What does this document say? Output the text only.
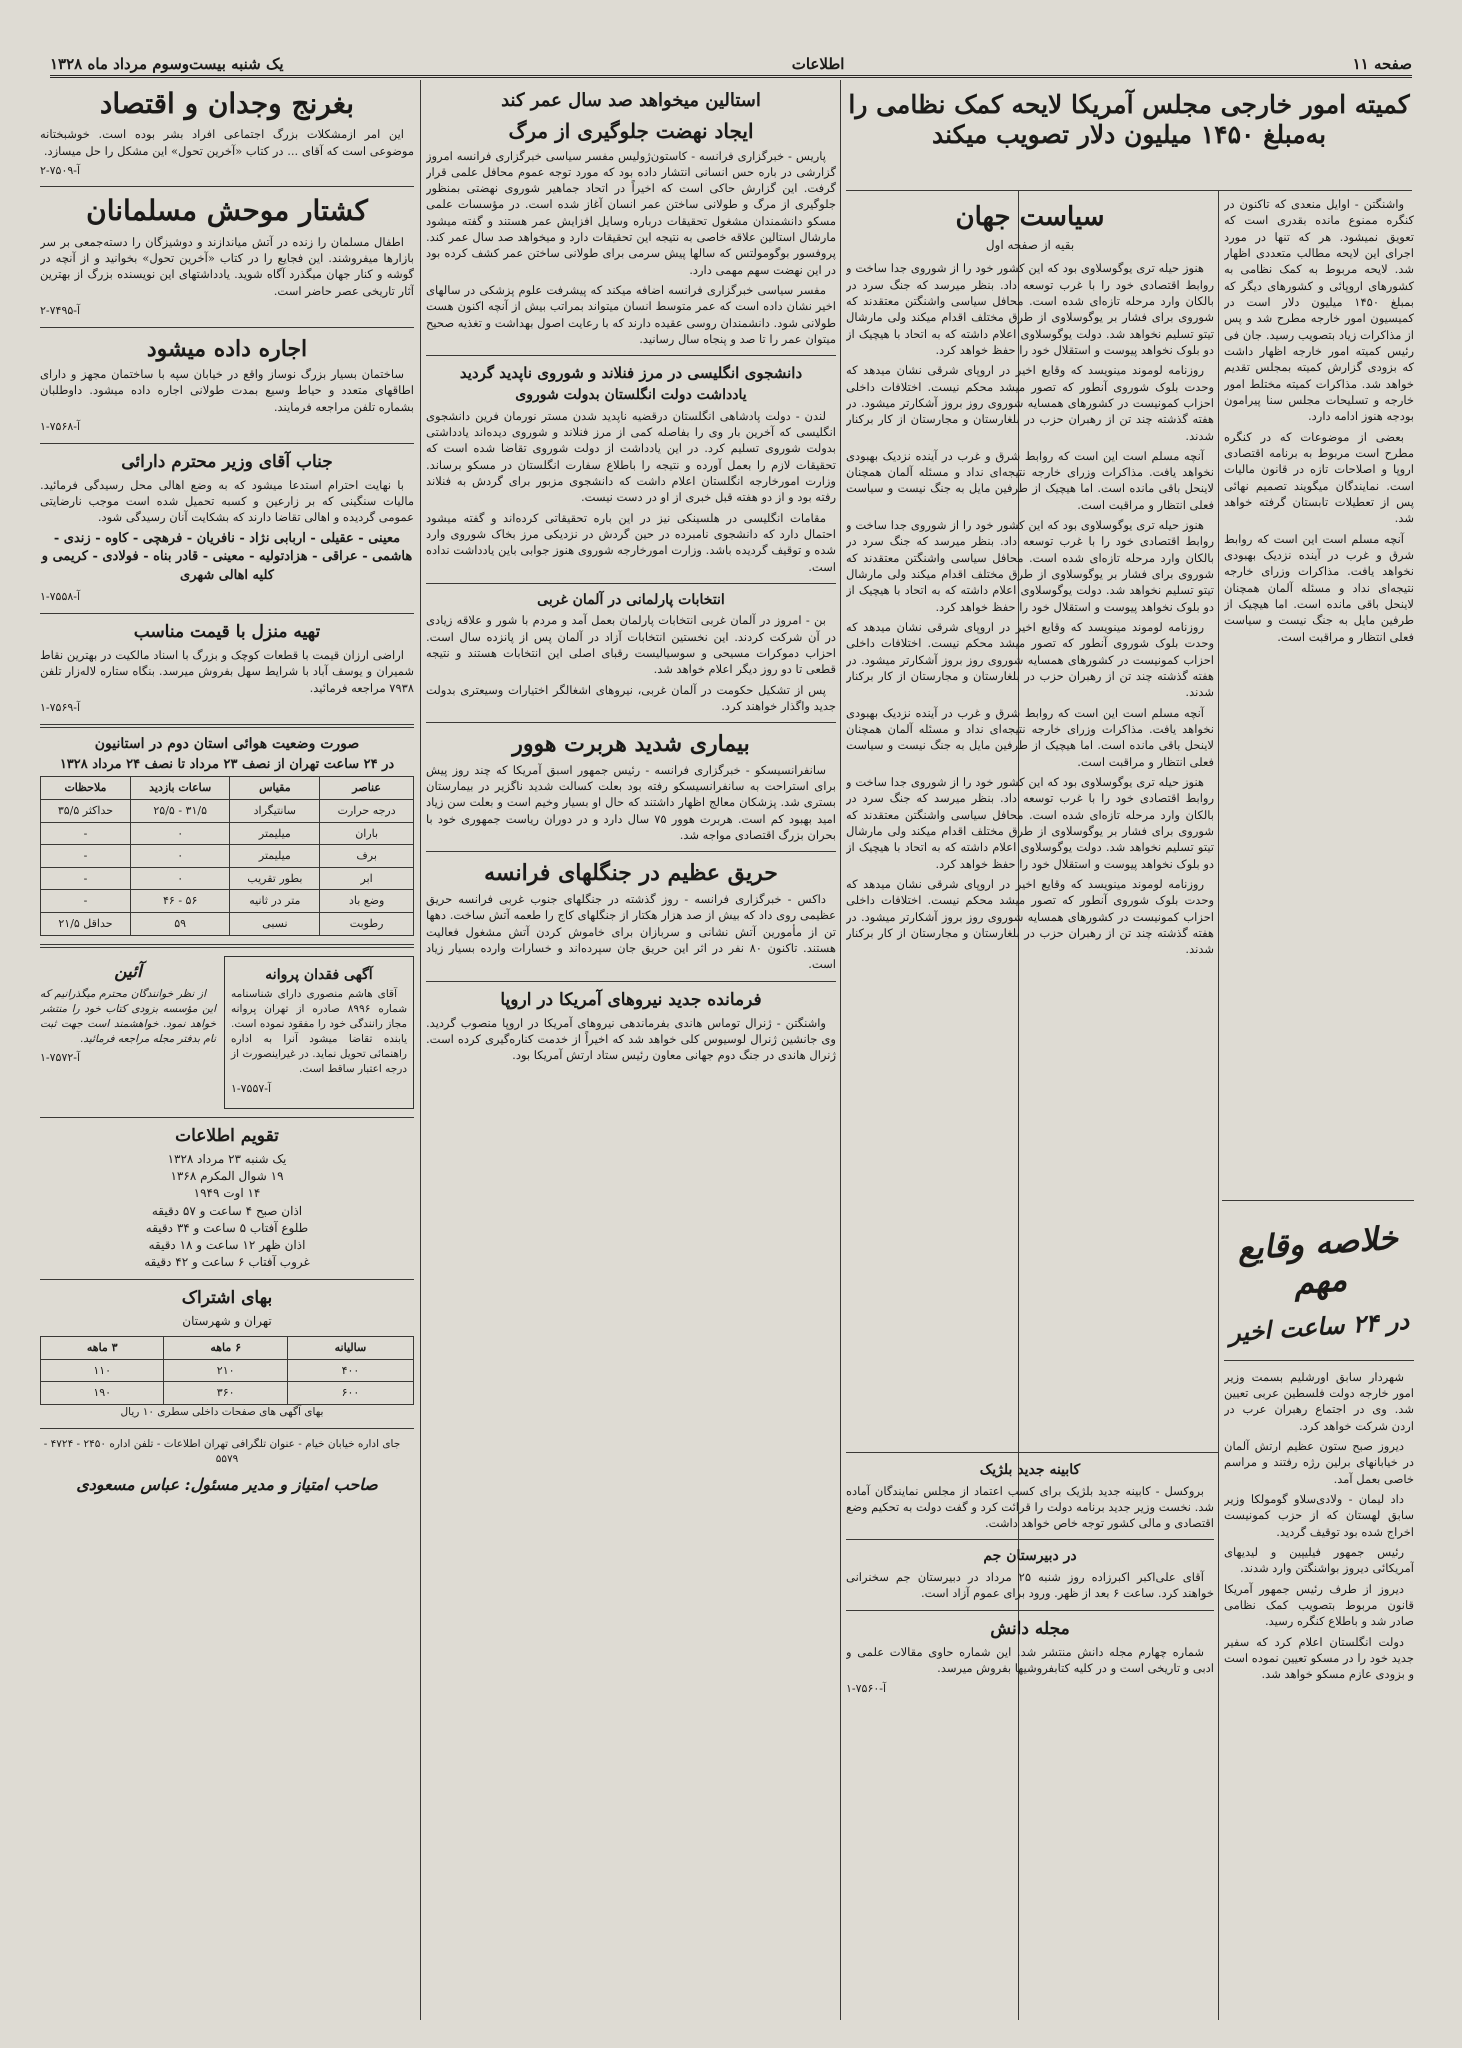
صفحه ۱۱
اطلاعات
یک شنبه بیست‌وسوم مرداد ماه ۱۳۲۸
کمیته امور خارجی مجلس آمریکا لایحه کمک نظامی را به‌مبلغ ۱۴۵۰ میلیون دلار تصویب میکند

واشنگتن - اوایل منعدی که تاکنون در کنگره ممنوع مانده بقدری است که تعویق نمیشود. هر که تنها در مورد اجرای این لایحه مطالب متعددی اظهار شد. لایحه مربوط به کمک نظامی به کشورهای اروپائی و کشورهای دیگر که بمبلغ ۱۴۵۰ میلیون دلار است در کمیسیون امور خارجه مطرح شد و پس از مذاکرات زیاد بتصویب رسید. جان فی رئیس کمیته امور خارجه اظهار داشت که بزودی گزارش کمیته بمجلس تقدیم خواهد شد. مذاکرات کمیته مختلط امور خارجه و تسلیحات مجلس سنا پیرامون بودجه هنوز ادامه دارد.

بعضی از موضوعات که در کنگره مطرح است مربوط به برنامه اقتصادی اروپا و اصلاحات تازه در قانون مالیات است. نمایندگان میگویند تصمیم نهائی پس از تعطیلات تابستان گرفته خواهد شد.

آنچه مسلم است این است که روابط شرق و غرب در آینده نزدیک بهبودی نخواهد یافت. مذاکرات وزرای خارجه نتیجه‌ای نداد و مسئله آلمان همچنان لاینحل باقی مانده است. اما هیچیک از طرفین مایل به جنگ نیست و سیاست فعلی انتظار و مراقبت است.

خلاصه وقایع مهم
در ۲۴ ساعت اخیر

شهردار سابق اورشلیم بسمت وزیر امور خارجه دولت فلسطین عربی تعیین شد. وی در اجتماع رهبران عرب در اردن شرکت خواهد کرد.

دیروز صبح ستون عظیم ارتش آلمان در خیابانهای برلین رژه رفتند و مراسم خاصی بعمل آمد.

داد لیمان - ولادی‌سلاو گومولکا وزیر سابق لهستان که از حزب کمونیست اخراج شده بود توقیف گردید.

رئیس جمهور فیلیپین و لیدیهای آمریکائی دیروز بواشنگتن وارد شدند.

دیروز از طرف رئیس جمهور آمریکا قانون مربوط بتصویب کمک نظامی صادر شد و باطلاع کنگره رسید.

دولت انگلستان اعلام کرد که سفیر جدید خود را در مسکو تعیین نموده است و بزودی عازم مسکو خواهد شد.

سیاست جهان
بقیه از صفحه اول

هنوز حیله تری یوگوسلاوی بود که این کشور خود را از شوروی جدا ساخت و روابط اقتصادی خود را با غرب توسعه داد. بنظر میرسد که جنگ سرد در بالکان وارد مرحله تازه‌ای شده است. محافل سیاسی واشنگتن معتقدند که شوروی برای فشار بر یوگوسلاوی از طرق مختلف اقدام میکند ولی مارشال تیتو تسلیم نخواهد شد. دولت یوگوسلاوی اعلام داشته که به اتحاد با هیچیک از دو بلوک نخواهد پیوست و استقلال خود را حفظ خواهد کرد.

روزنامه لوموند مینویسد که وقایع اخیر در اروپای شرقی نشان میدهد که وحدت بلوک شوروی آنطور که تصور میشد محکم نیست. اختلافات داخلی احزاب کمونیست در کشورهای همسایه شوروی روز بروز آشکارتر میشود. در هفته گذشته چند تن از رهبران حزب در بلغارستان و مجارستان از کار برکنار شدند.

آنچه مسلم است این است که روابط شرق و غرب در آینده نزدیک بهبودی نخواهد یافت. مذاکرات وزرای خارجه نتیجه‌ای نداد و مسئله آلمان همچنان لاینحل باقی مانده است. اما هیچیک از طرفین مایل به جنگ نیست و سیاست فعلی انتظار و مراقبت است.

هنوز حیله تری یوگوسلاوی بود که این کشور خود را از شوروی جدا ساخت و روابط اقتصادی خود را با غرب توسعه داد. بنظر میرسد که جنگ سرد در بالکان وارد مرحله تازه‌ای شده است. محافل سیاسی واشنگتن معتقدند که شوروی برای فشار بر یوگوسلاوی از طرق مختلف اقدام میکند ولی مارشال تیتو تسلیم نخواهد شد. دولت یوگوسلاوی اعلام داشته که به اتحاد با هیچیک از دو بلوک نخواهد پیوست و استقلال خود را حفظ خواهد کرد.

روزنامه لوموند مینویسد که وقایع اخیر در اروپای شرقی نشان میدهد که وحدت بلوک شوروی آنطور که تصور میشد محکم نیست. اختلافات داخلی احزاب کمونیست در کشورهای همسایه شوروی روز بروز آشکارتر میشود. در هفته گذشته چند تن از رهبران حزب در بلغارستان و مجارستان از کار برکنار شدند.

آنچه مسلم است این است که روابط شرق و غرب در آینده نزدیک بهبودی نخواهد یافت. مذاکرات وزرای خارجه نتیجه‌ای نداد و مسئله آلمان همچنان لاینحل باقی مانده است. اما هیچیک از طرفین مایل به جنگ نیست و سیاست فعلی انتظار و مراقبت است.

هنوز حیله تری یوگوسلاوی بود که این کشور خود را از شوروی جدا ساخت و روابط اقتصادی خود را با غرب توسعه داد. بنظر میرسد که جنگ سرد در بالکان وارد مرحله تازه‌ای شده است. محافل سیاسی واشنگتن معتقدند که شوروی برای فشار بر یوگوسلاوی از طرق مختلف اقدام میکند ولی مارشال تیتو تسلیم نخواهد شد. دولت یوگوسلاوی اعلام داشته که به اتحاد با هیچیک از دو بلوک نخواهد پیوست و استقلال خود را حفظ خواهد کرد.

روزنامه لوموند مینویسد که وقایع اخیر در اروپای شرقی نشان میدهد که وحدت بلوک شوروی آنطور که تصور میشد محکم نیست. اختلافات داخلی احزاب کمونیست در کشورهای همسایه شوروی روز بروز آشکارتر میشود. در هفته گذشته چند تن از رهبران حزب در بلغارستان و مجارستان از کار برکنار شدند.

کابینه جدید بلژیک

بروکسل - کابینه جدید بلژیک برای کسب اعتماد از مجلس نمایندگان آماده شد. نخست وزیر جدید برنامه دولت را قرائت کرد و گفت دولت به تحکیم وضع اقتصادی و مالی کشور توجه خاص خواهد داشت.

در دبیرستان جم

آقای علی‌اکبر اکبرزاده روز شنبه ۲۵ مرداد در دبیرستان جم سخنرانی خواهند کرد. ساعت ۶ بعد از ظهر. ورود برای عموم آزاد است.

مجله دانش

شماره چهارم مجله دانش منتشر شد. این شماره حاوی مقالات علمی و ادبی و تاریخی است و در کلیه کتابفروشیها بفروش میرسد.

آ-۷۵۶۰-۱
استالین میخواهد صد سال عمر کند
ایجاد نهضت جلوگیری از مرگ

پاریس - خبرگزاری فرانسه - کاستون‌ژولیس مفسر سیاسی خبرگزاری فرانسه امروز گزارشی در باره حس انسانی انتشار داده بود که مورد توجه عموم محافل علمی قرار گرفت. این گزارش حاکی است که اخیراً در اتحاد جماهیر شوروی نهضتی بمنظور جلوگیری از مرگ و طولانی ساختن عمر انسان آغاز شده است. در مؤسسات علمی مسکو دانشمندان مشغول تحقیقات درباره وسایل افزایش عمر هستند و گفته میشود مارشال استالین علاقه خاصی به نتیجه این تحقیقات دارد و میخواهد صد سال عمر کند. پروفسور بوگومولتس که سالها پیش سرمی برای طولانی ساختن عمر کشف کرده بود در این نهضت سهم مهمی دارد.

مفسر سیاسی خبرگزاری فرانسه اضافه میکند که پیشرفت علوم پزشکی در سالهای اخیر نشان داده است که عمر متوسط انسان میتواند بمراتب بیش از آنچه اکنون هست طولانی شود. دانشمندان روسی عقیده دارند که با رعایت اصول بهداشت و تغذیه صحیح میتوان عمر را تا صد و پنجاه سال رسانید.

دانشجوی انگلیسی در مرز فنلاند و شوروی ناپدید گردید
یادداشت دولت انگلستان بدولت شوروی

لندن - دولت پادشاهی انگلستان درقضیه ناپدید شدن مستر نورمان فرین دانشجوی انگلیسی که آخرین بار وی را بفاصله کمی از مرز فنلاند و شوروی دیده‌اند یادداشتی بدولت شوروی تسلیم کرد. در این یادداشت از دولت شوروی تقاضا شده است که تحقیقات لازم را بعمل آورده و نتیجه را باطلاع سفارت انگلستان در مسکو برساند. وزارت امورخارجه انگلستان اعلام داشت که دانشجوی مزبور برای گردش به فنلاند رفته بود و از دو هفته قبل خبری از او در دست نیست.

مقامات انگلیسی در هلسینکی نیز در این باره تحقیقاتی کرده‌اند و گفته میشود احتمال دارد که دانشجوی نامبرده در حین گردش در نزدیکی مرز بخاک شوروی وارد شده و توقیف گردیده باشد. وزارت امورخارجه شوروی هنوز جوابی باین یادداشت نداده است.

انتخابات پارلمانی در آلمان غربی

بن - امروز در آلمان غربی انتخابات پارلمان بعمل آمد و مردم با شور و علاقه زیادی در آن شرکت کردند. این نخستین انتخابات آزاد در آلمان پس از پانزده سال است. احزاب دموکرات مسیحی و سوسیالیست رقبای اصلی این انتخابات هستند و نتیجه قطعی تا دو روز دیگر اعلام خواهد شد.

پس از تشکیل حکومت در آلمان غربی، نیروهای اشغالگر اختیارات وسیعتری بدولت جدید واگذار خواهند کرد.

بیماری شدید هربرت هوور

سانفرانسیسکو - خبرگزاری فرانسه - رئیس جمهور اسبق آمریکا که چند روز پیش برای استراحت به سانفرانسیسکو رفته بود بعلت کسالت شدید ناگزیر در بیمارستان بستری شد. پزشکان معالج اظهار داشتند که حال او بسیار وخیم است و بعلت سن زیاد امید بهبود کم است. هربرت هوور ۷۵ سال دارد و در دوران ریاست جمهوری خود با بحران بزرگ اقتصادی مواجه شد.

حریق عظیم در جنگلهای فرانسه

داکس - خبرگزاری فرانسه - روز گذشته در جنگلهای جنوب غربی فرانسه حریق عظیمی روی داد که بیش از صد هزار هکتار از جنگلهای کاج را طعمه آتش ساخت. دهها تن از مأمورین آتش نشانی و سربازان برای خاموش کردن آتش مشغول فعالیت هستند. تاکنون ۸۰ نفر در اثر این حریق جان سپرده‌اند و خسارات وارده بسیار زیاد است.

فرمانده جدید نیروهای آمریکا در اروپا

واشنگتن - ژنرال توماس هاندی بفرماندهی نیروهای آمریکا در اروپا منصوب گردید. وی جانشین ژنرال لوسیوس کلی خواهد شد که اخیراً از خدمت کناره‌گیری کرده است. ژنرال هاندی در جنگ دوم جهانی معاون رئیس ستاد ارتش آمریکا بود.

بغرنج وجدان و اقتصاد

این امر ازمشکلات بزرگ اجتماعی افراد بشر بوده است. خوشبختانه موضوعی است که آقای ... در کتاب «آخرین تحول» این مشکل را حل میسازد.

آ-۷۵۰۹-۲
کشتار موحش مسلمانان

اطفال مسلمان را زنده در آتش میاندازند و دوشیزگان را دسته‌جمعی بر سر بازارها میفروشند. این فجایع را در کتاب «آخرین تحول» بخوانید و از آنچه در گوشه و کنار جهان میگذرد آگاه شوید. یادداشتهای این نویسنده بزرگ از بهترین آثار تاریخی عصر حاضر است.

آ-۷۴۹۵-۲
اجاره داده میشود

ساختمان بسیار بزرگ نوساز واقع در خیابان سپه با ساختمان مجهز و دارای اطاقهای متعدد و حیاط وسیع بمدت طولانی اجاره داده میشود. داوطلبان بشماره تلفن مراجعه فرمایند.

آ-۷۵۶۸-۱
جناب آقای وزیر محترم دارائی

با نهایت احترام استدعا میشود که به وضع اهالی محل رسیدگی فرمائید. مالیات سنگینی که بر زارعین و کسبه تحمیل شده است موجب نارضایتی عمومی گردیده و اهالی تقاضا دارند که بشکایت آنان رسیدگی شود.

معینی - عقیلی - اربابی نژاد - نافریان - فرهچی - کاوه - زندی - هاشمی - عراقی - هزادتولیه - معینی - قادر بناه - فولادی - کریمی و کلیه اهالی شهری

آ-۷۵۵۸-۱
تهیه منزل با قیمت مناسب

اراضی ارزان قیمت با قطعات کوچک و بزرگ با اسناد مالکیت در بهترین نقاط شمیران و یوسف آباد با شرایط سهل بفروش میرسد. بنگاه ستاره لاله‌زار تلفن ۷۹۳۸ مراجعه فرمائید.

آ-۷۵۶۹-۱
صورت وضعیت هوائی استان دوم در استانیون
در ۲۴ ساعت تهران از نصف ۲۳ مرداد تا نصف ۲۴ مرداد ۱۳۲۸
عناصر	مقیاس	ساعات بازدید	ملاحظات
درجه حرارت	سانتیگراد	۳۱/۵ - ۲۵/۵	حداکثر ۳۵/۵
باران	میلیمتر	۰	-
برف	میلیمتر	۰	-
ابر	بطور تقریب	۰	-
وضع باد	متر در ثانیه	۵۶ - ۴۶	-
رطوبت	نسبی	۵۹	حداقل ۲۱/۵
آگهی فقدان پروانه

آقای هاشم منصوری دارای شناسنامه شماره ۸۹۹۶ صادره از تهران پروانه مجاز رانندگی خود را مفقود نموده است. یابنده تقاضا میشود آنرا به اداره راهنمائی تحویل نماید. در غیراینصورت از درجه اعتبار ساقط است.

آ-۷۵۵۷-۱
آئین

از نظر خوانندگان محترم میگذرانیم که این مؤسسه بزودی کتاب خود را منتشر خواهد نمود. خواهشمند است جهت ثبت نام بدفتر مجله مراجعه فرمائید.

آ-۷۵۷۲-۱
تقویم اطلاعات
یک شنبه ۲۳ مرداد ۱۳۲۸
۱۹ شوال المکرم ۱۳۶۸
۱۴ اوت ۱۹۴۹
اذان صبح ۴ ساعت و ۵۷ دقیقه
طلوع آفتاب ۵ ساعت و ۳۴ دقیقه
اذان ظهر ۱۲ ساعت و ۱۸ دقیقه
غروب آفتاب ۶ ساعت و ۴۲ دقیقه
بهای اشتراک
تهران و شهرستان
سالیانه	۶ ماهه	۳ ماهه
۴۰۰	۲۱۰	۱۱۰
۶۰۰	۳۶۰	۱۹۰

بهای آگهی های صفحات داخلی سطری ۱۰ ریال

جای اداره خیابان خیام - عنوان تلگرافی تهران اطلاعات - تلفن اداره ۲۴۵۰ - ۴۷۲۴ - ۵۵۷۹

صاحب امتیاز و مدیر مسئول: عباس مسعودی
